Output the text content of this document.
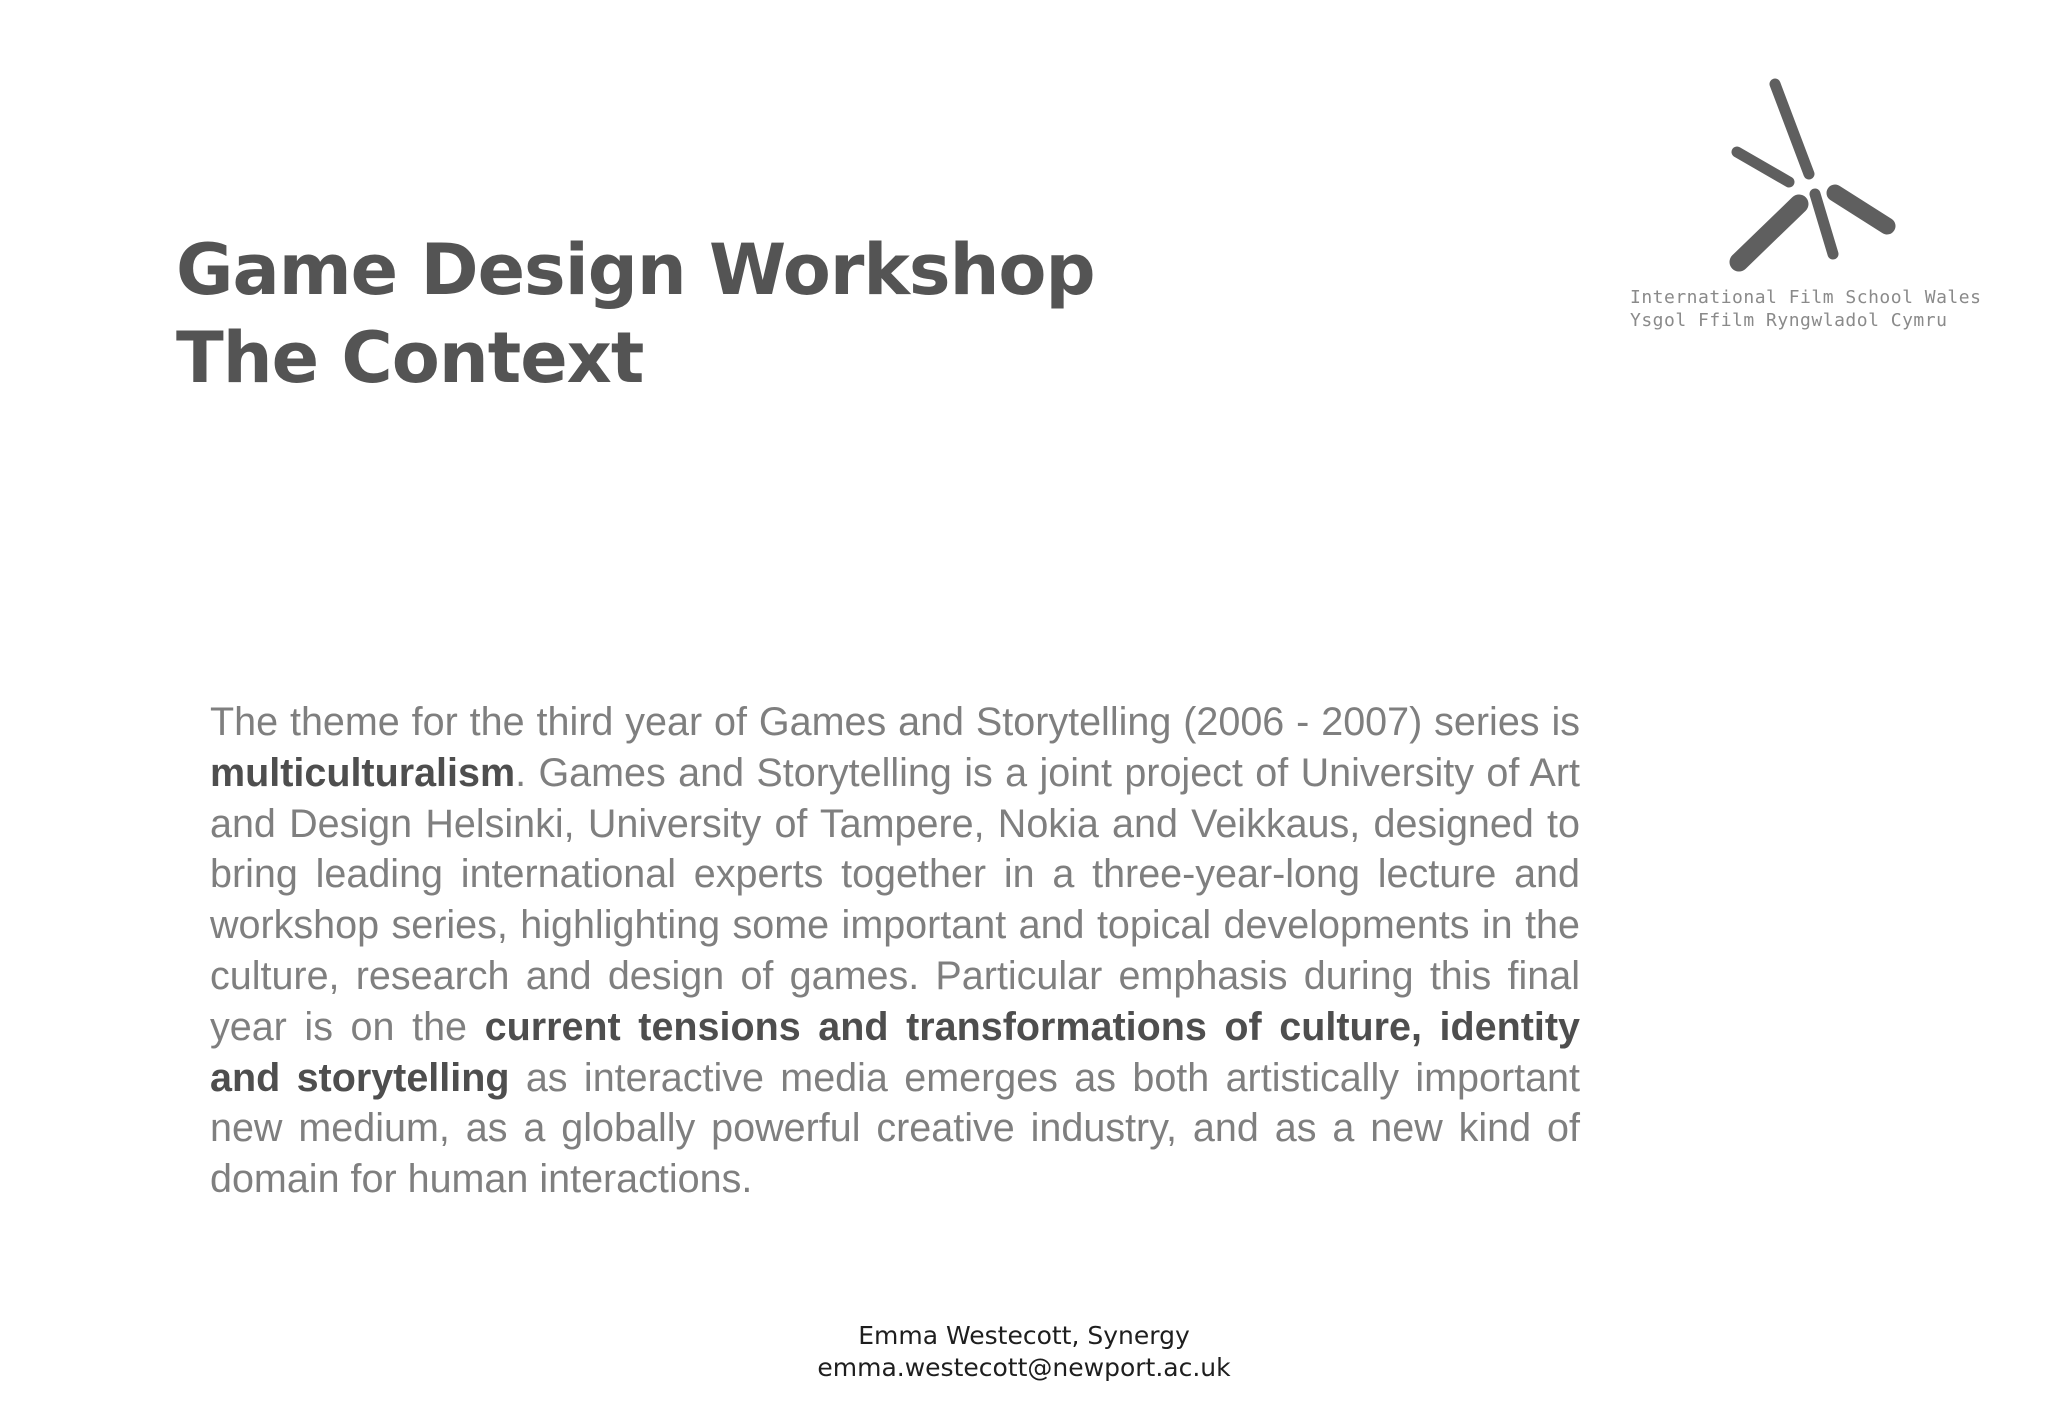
Game Design Workshop
The Context
International Film School Wales
Ysgol Ffilm Ryngwladol Cymru
The theme for the third year of Games and Storytelling (2006 - 2007) series is multiculturalism. Games and Storytelling is a joint project of University of Art and Design Helsinki, University of Tampere, Nokia and Veikkaus, designed to bring leading international experts together in a three-year-long lecture and workshop series, highlighting some important and topical developments in the culture, research and design of games. Particular emphasis during this final year is on the current tensions and transformations of culture, identity and storytelling as interactive media emerges as both artistically important new medium, as a globally powerful creative industry, and as a new kind of domain for human interactions.
Emma Westecott, Synergy
emma.westecott@newport.ac.uk
